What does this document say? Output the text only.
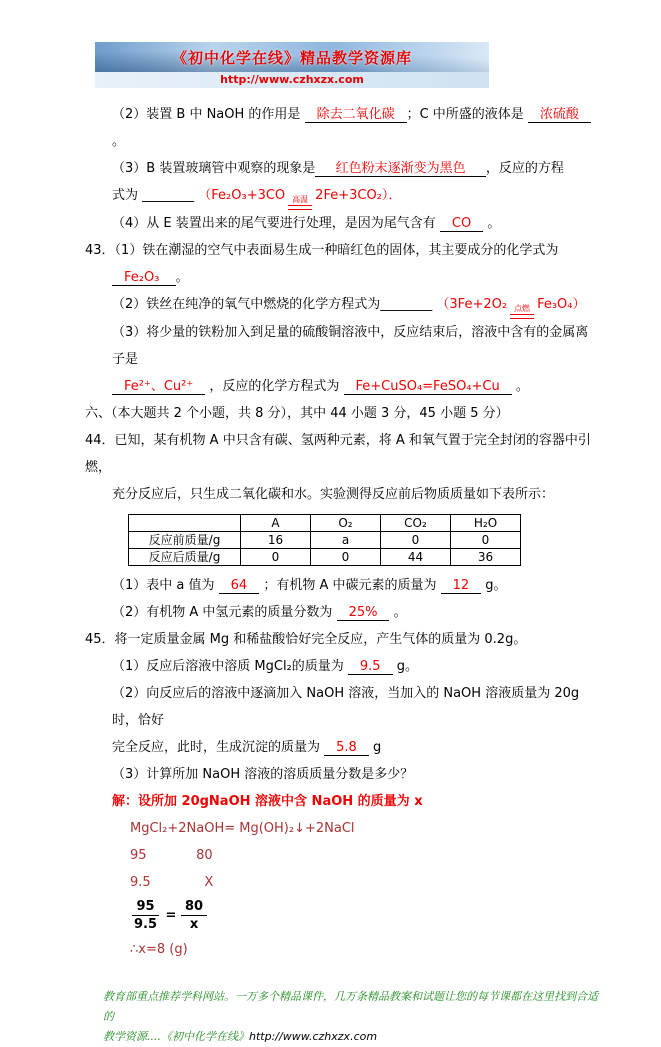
《初中化学在线》精品教学资源库
http://www.czhxzx.com
（2）装置 B 中 NaOH 的作用是 除去二氧化碳 ；C 中所盛的液体是 浓硫酸 。
（3）B 装置玻璃管中观察的现象是  红色粉末逐渐变为黑色  ，反应的方程
式为 ________ （Fe₂O₃+3CO 高温 2Fe+3CO₂）．
（4）从 E 装置出来的尾气要进行处理，是因为尾气含有 CO 。
43．（1）铁在潮湿的空气中表面易生成一种暗红色的固体，其主要成分的化学式为
Fe₂O₃ 。
（2）铁丝在纯净的氧气中燃烧的化学方程式为________ （3Fe+2O₂ 点燃 Fe₃O₄）
（3）将少量的铁粉加入到足量的硫酸铜溶液中，反应结束后，溶液中含有的金属离子是
Fe²⁺、Cu²⁺ ，反应的化学方程式为 Fe+CuSO₄=FeSO₄+Cu 。
六、（本大题共 2 个小题，共 8 分），其中 44 小题 3 分，45 小题 5 分）
44．已知，某有机物 A 中只含有碳、氢两种元素，将 A 和氧气置于完全封闭的容器中引燃，
充分反应后，只生成二氧化碳和水。实验测得反应前后物质质量如下表所示：
	A	O₂	CO₂	H₂O
反应前质量/g	16	a	0	0
反应后质量/g	0	0	44	36
（1）表中 a 值为 64 ；有机物 A 中碳元素的质量为 12 g。
（2）有机物 A 中氢元素的质量分数为 25% 。
45．将一定质量金属 Mg 和稀盐酸恰好完全反应，产生气体的质量为 0.2g。
（1）反应后溶液中溶质 MgCl₂的质量为 9.5 g。
（2）向反应后的溶液中逐滴加入 NaOH 溶液，当加入的 NaOH 溶液质量为 20g 时，恰好
完全反应，此时，生成沉淀的质量为 5.8 g
（3）计算所加 NaOH 溶液的溶质质量分数是多少？
解：设所加 20gNaOH 溶液中含 NaOH 的质量为 x
MgCl₂+2NaOH= Mg(OH)₂↓+2NaCl
95            80
9.5             X
$\frac{95}{9.5} = \frac{80}{x}$
∴x=8 (g)
教育部重点推荐学科网站。一万多个精品课件，几万条精品教案和试题让您的每节课都在这里找到合适的
教学资源....《初中化学在线》http://www.czhxzx.com
